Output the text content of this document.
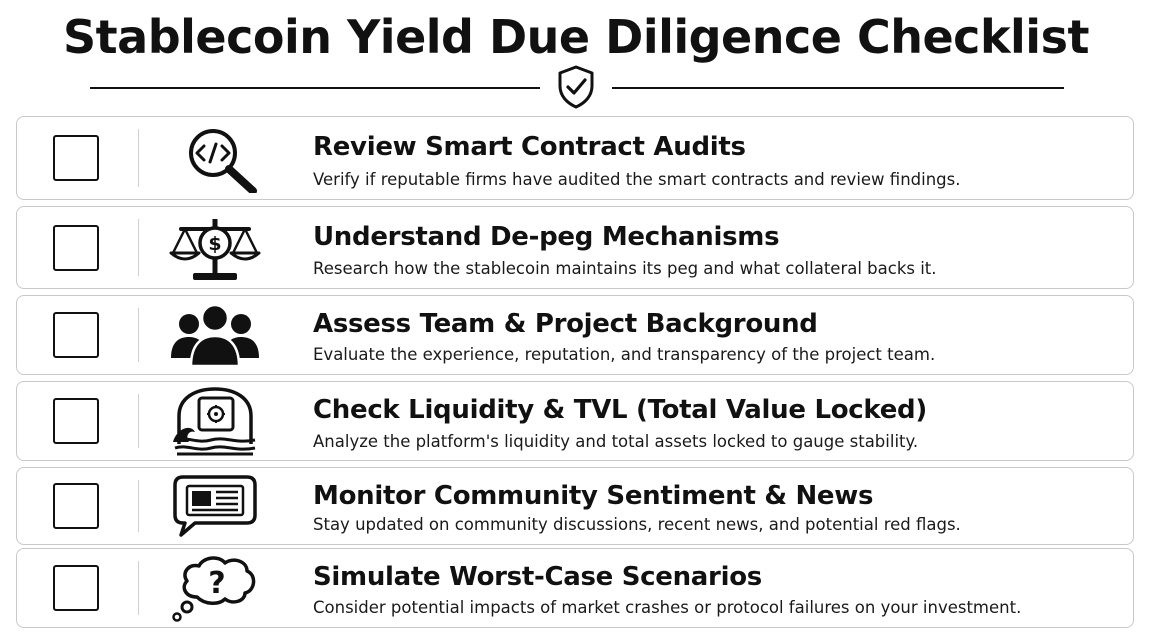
Stablecoin Yield Due Diligence Checklist
Review Smart Contract Audits
Verify if reputable firms have audited the smart contracts and review findings.
$	Understand De-peg Mechanisms
Research how the stablecoin maintains its peg and what collateral backs it.
Assess Team & Project Background
Evaluate the experience, reputation, and transparency of the project team.
Check Liquidity & TVL (Total Value Locked)
Analyze the platform's liquidity and total assets locked to gauge stability.
Monitor Community Sentiment & News
Stay updated on community discussions, recent news, and potential red flags.
?	Simulate Worst-Case Scenarios
Consider potential impacts of market crashes or protocol failures on your investment.
